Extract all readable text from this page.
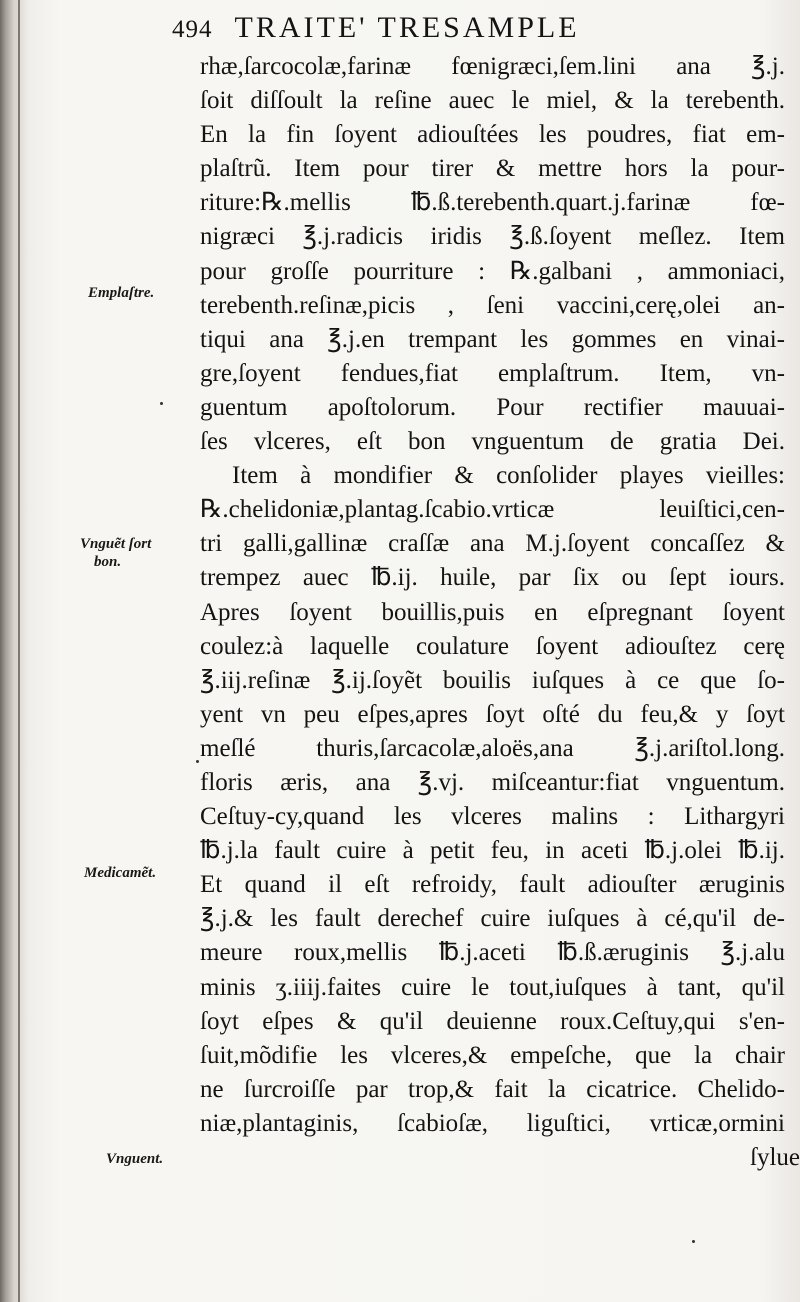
494 TRAITE' TRESAMPLE
rhæ,ſarcocolæ,farinæ fœnigræci,ſem.lini ana ℥.j.
ſoit diſſoult la reſine auec le miel, & la terebenth.
En la fin ſoyent adiouſtées les poudres, fiat em-
plaſtrũ. Item pour tirer & mettre hors la pour-
riture:℞.mellis ℔.ß.terebenth.quart.j.farinæ fœ-
nigræci ℥.j.radicis iridis ℥.ß.ſoyent meſlez. Item
pour groſſe pourriture : ℞.galbani , ammoniaci,
terebenth.reſinæ,picis , ſeni vaccini,cerę,olei an-
tiqui ana ℥.j.en trempant les gommes en vinai-
gre,ſoyent fendues,fiat emplaſtrum. Item, vn-
guentum apoſtolorum. Pour rectifier mauuai-
ſes vlceres, eſt bon vnguentum de gratia Dei.
Item à mondifier & conſolider playes vieilles:
℞.chelidoniæ,plantag.ſcabio.vrticæ leuiſtici,cen-
tri galli,gallinæ craſſæ ana M.j.ſoyent concaſſez &
trempez auec ℔.ij. huile, par ſix ou ſept iours.
Apres ſoyent bouillis,puis en eſpregnant ſoyent
coulez:à laquelle coulature ſoyent adiouſtez cerę
℥.iij.reſinæ ℥.ij.ſoyẽt bouilis iuſques à ce que ſo-
yent vn peu eſpes,apres ſoyt oſté du feu,& y ſoyt
meſlé thuris,ſarcacolæ,aloës,ana ℥.j.ariſtol.long.
floris æris, ana ℥.vj. miſceantur:fiat vnguentum.
Ceſtuy-cy,quand les vlceres malins : Lithargyri
℔.j.la fault cuire à petit feu, in aceti ℔.j.olei ℔.ij.
Et quand il eſt refroidy, fault adiouſter æruginis
℥.j.& les fault derechef cuire iuſques à cé,qu'il de-
meure roux,mellis ℔.j.aceti ℔.ß.æruginis ℥.j.alu
minis ʒ.iiij.faites cuire le tout,iuſques à tant, qu'il
ſoyt eſpes & qu'il deuienne roux.Ceſtuy,qui s'en-
ſuit,mõdifie les vlceres,& empeſche, que la chair
ne ſurcroiſſe par trop,& fait la cicatrice. Chelido-
niæ,plantaginis, ſcabioſæ, liguſtici, vrticæ,ormini
ſylue
Emplaſtre.
Vnguẽt ſort
bon.
Medicamẽt.
Vnguent.
